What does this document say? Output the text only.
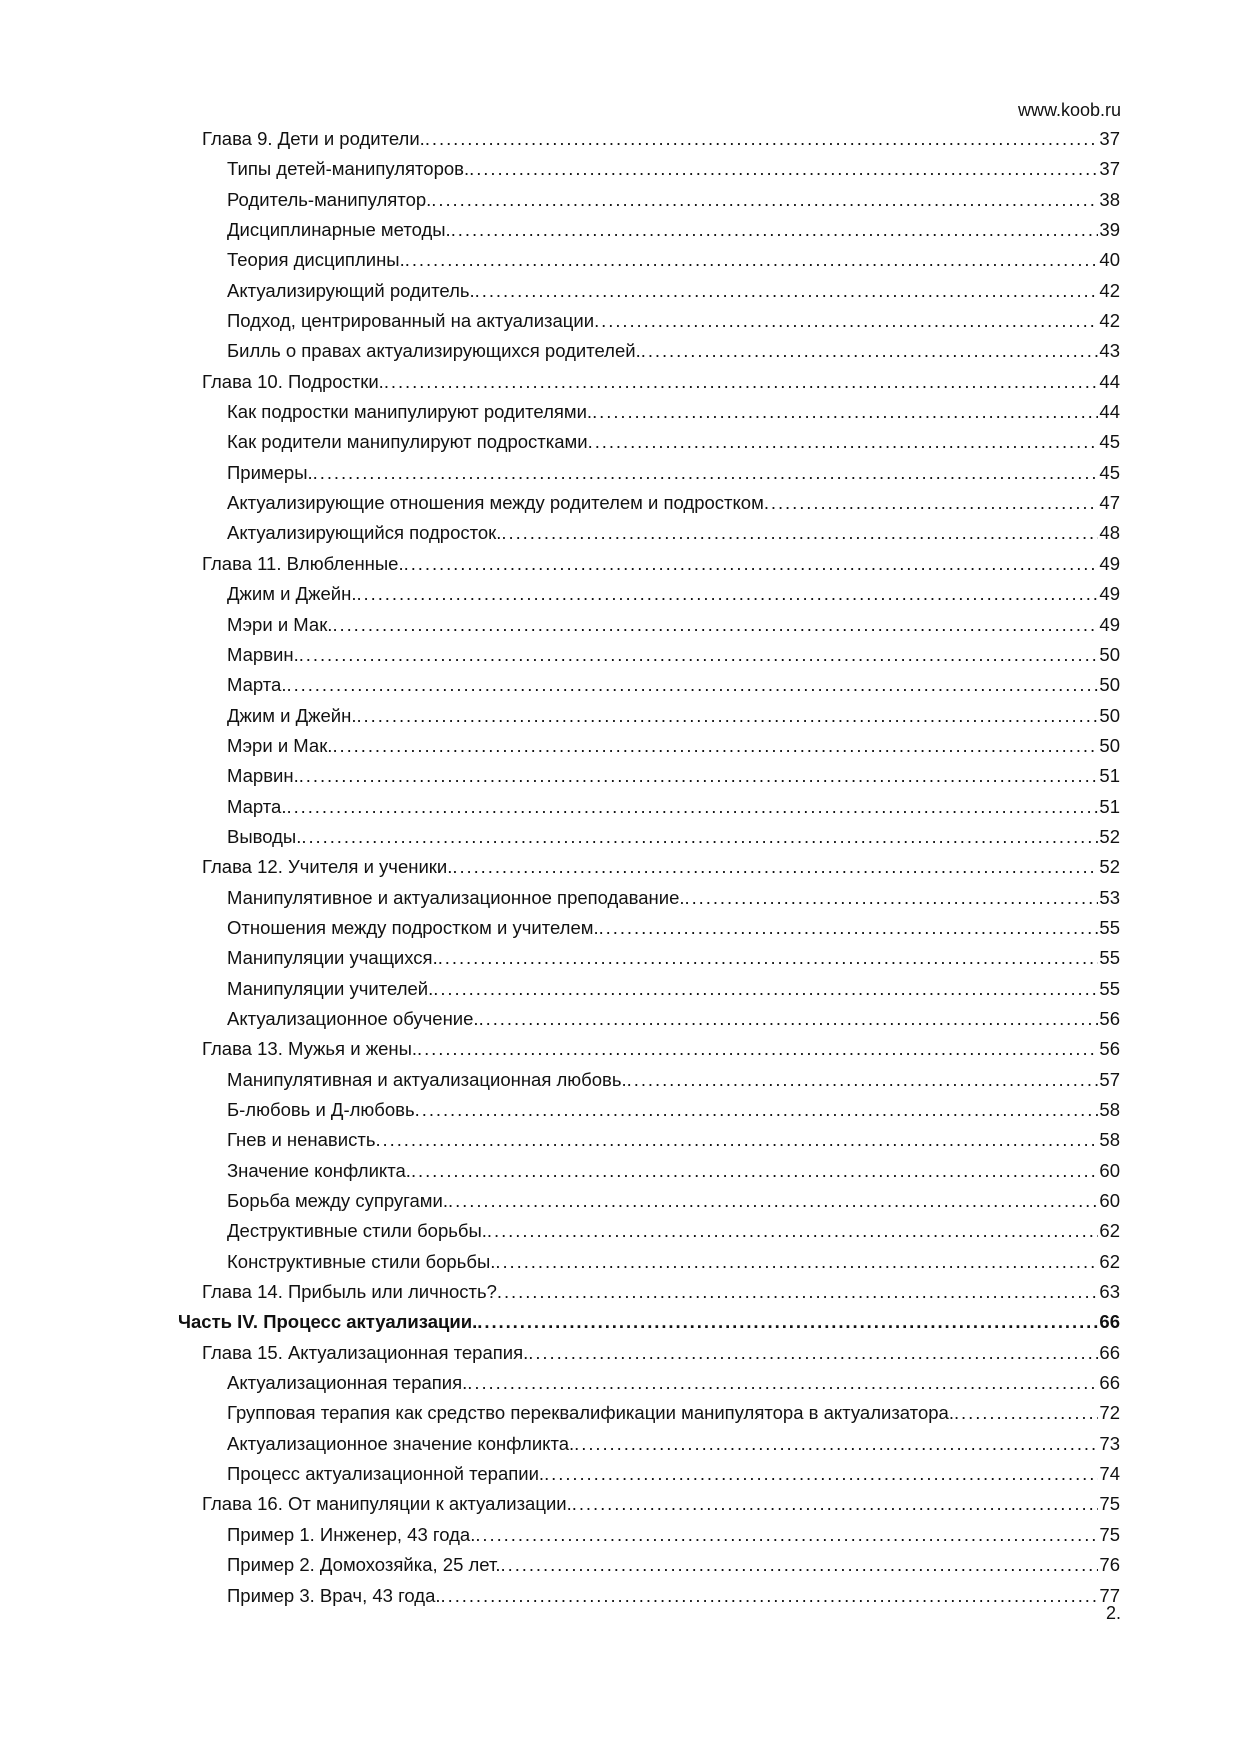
www.koob.ru
Глава 9. Дети и родители. . . .	37
Типы детей-манипуляторов. . . .	37
Родитель-манипулятор. . . .	38
Дисциплинарные методы. . . .	39
Теория дисциплины. . . .	40
Актуализирующий родитель. . . .	42
Подход, центрированный на актуализации . . .	42
Билль о правах актуализирующихся родителей. . . .	43
Глава 10. Подростки. . . .	44
Как подростки манипулируют родителями. . . .	44
Как родители манипулируют подростками . . .	45
Примеры. . . .	45
Актуализирующие отношения между родителем и подростком . . .	47
Актуализирующийся подросток. . . .	48
Глава 11. Влюбленные. . . .	49
Джим и Джейн. . . .	49
Мэри и Мак. . . .	49
Марвин. . . .	50
Марта. . . .	50
Джим и Джейн. . . .	50
Мэри и Мак. . . .	50
Марвин. . . .	51
Марта. . . .	51
Выводы. . . .	52
Глава 12. Учителя и ученики. . . .	52
Манипулятивное и актуализационное преподавание. . . .	53
Отношения между подростком и учителем. . . .	55
Манипуляции учащихся. . . .	55
Манипуляции учителей. . . .	55
Актуализационное обучение. . . .	56
Глава 13. Мужья и жены. . . .	56
Манипулятивная и актуализационная любовь. . . .	57
Б-любовь и Д-любовь . . .	58
Гнев и ненависть . . .	58
Значение конфликта. . . .	60
Борьба между супругами. . . .	60
Деструктивные стили борьбы. . . .	62
Конструктивные стили борьбы. . . .	62
Глава 14. Прибыль или личность? . . .	63
Часть IV. Процесс актуализации. . . .	66
Глава 15. Актуализационная терапия. . . .	66
Актуализационная терапия. . . .	66
Групповая терапия как средство переквалификации манипулятора в актуализатора. . . .	72
Актуализационное значение конфликта. . . .	73
Процесс актуализационной терапии. . . .	74
Глава 16. От манипуляции к актуализации. . . .	75
Пример 1. Инженер, 43 года. . . .	75
Пример 2. Домохозяйка, 25 лет. . . .	76
Пример 3. Врач, 43 года. . . .	77
2.
